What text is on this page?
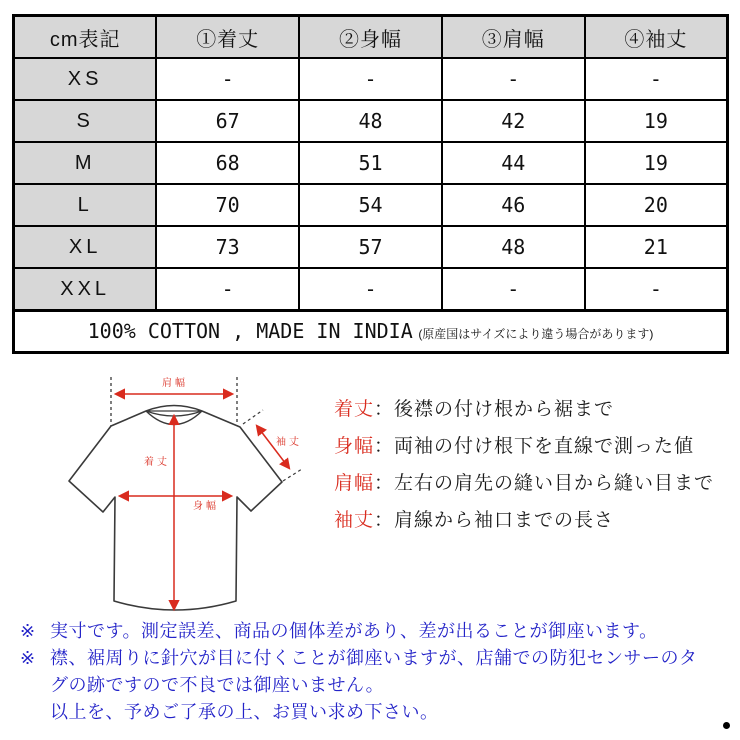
cm表記	①着丈	②身幅	③肩幅	④袖丈
XS	-	-	-	-
S	67	48	42	19
M	68	51	44	19
L	70	54	46	20
XL	73	57	48	21
XXL	-	-	-	-
100% COTTON , MADE IN INDIA (原産国はサイズにより違う場合があります)				
肩幅
着丈
身幅
袖丈
着丈：後襟の付け根から裾まで
身幅：両袖の付け根下を直線で測った値
肩幅：左右の肩先の縫い目から縫い目まで
袖丈：肩線から袖口までの長さ
※ 実寸です。測定誤差、商品の個体差があり、差が出ることが御座います。
※ 襟、裾周りに針穴が目に付くことが御座いますが、店舗での防犯センサーのタ
グの跡ですので不良では御座いません。
以上を、予めご了承の上、お買い求め下さい。
